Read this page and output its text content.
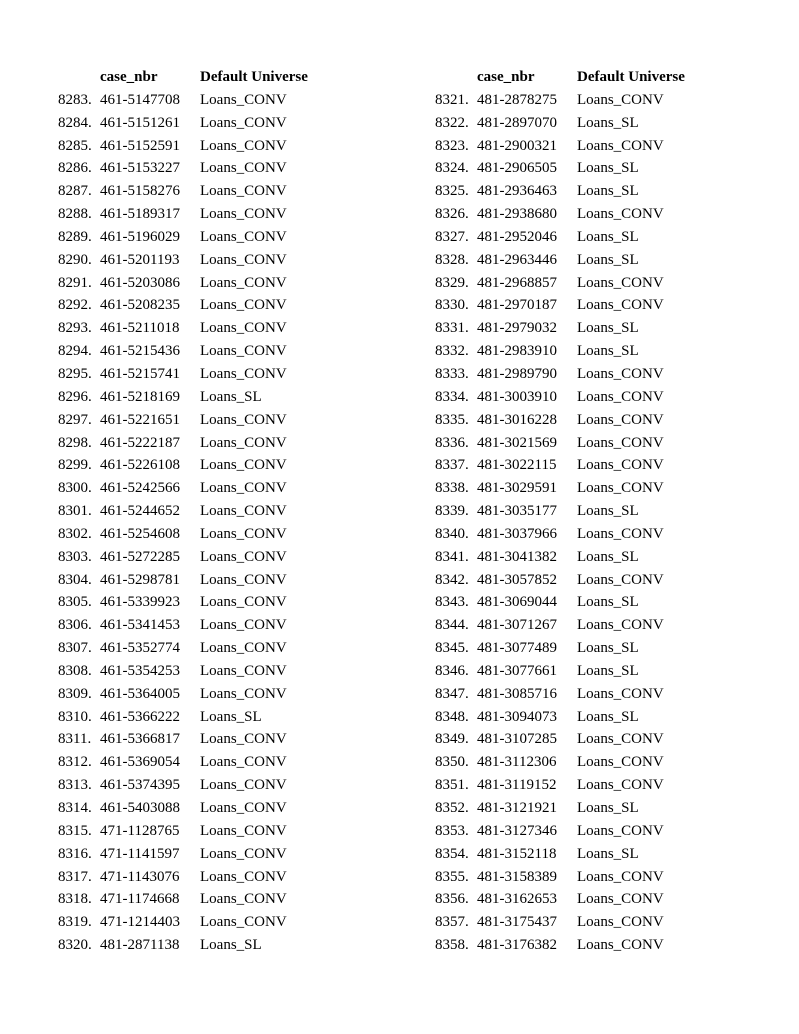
	case_nbr	Default Universe
8283.	461-5147708	Loans_CONV
8284.	461-5151261	Loans_CONV
8285.	461-5152591	Loans_CONV
8286.	461-5153227	Loans_CONV
8287.	461-5158276	Loans_CONV
8288.	461-5189317	Loans_CONV
8289.	461-5196029	Loans_CONV
8290.	461-5201193	Loans_CONV
8291.	461-5203086	Loans_CONV
8292.	461-5208235	Loans_CONV
8293.	461-5211018	Loans_CONV
8294.	461-5215436	Loans_CONV
8295.	461-5215741	Loans_CONV
8296.	461-5218169	Loans_SL
8297.	461-5221651	Loans_CONV
8298.	461-5222187	Loans_CONV
8299.	461-5226108	Loans_CONV
8300.	461-5242566	Loans_CONV
8301.	461-5244652	Loans_CONV
8302.	461-5254608	Loans_CONV
8303.	461-5272285	Loans_CONV
8304.	461-5298781	Loans_CONV
8305.	461-5339923	Loans_CONV
8306.	461-5341453	Loans_CONV
8307.	461-5352774	Loans_CONV
8308.	461-5354253	Loans_CONV
8309.	461-5364005	Loans_CONV
8310.	461-5366222	Loans_SL
8311.	461-5366817	Loans_CONV
8312.	461-5369054	Loans_CONV
8313.	461-5374395	Loans_CONV
8314.	461-5403088	Loans_CONV
8315.	471-1128765	Loans_CONV
8316.	471-1141597	Loans_CONV
8317.	471-1143076	Loans_CONV
8318.	471-1174668	Loans_CONV
8319.	471-1214403	Loans_CONV
8320.	481-2871138	Loans_SL
	case_nbr	Default Universe
8321.	481-2878275	Loans_CONV
8322.	481-2897070	Loans_SL
8323.	481-2900321	Loans_CONV
8324.	481-2906505	Loans_SL
8325.	481-2936463	Loans_SL
8326.	481-2938680	Loans_CONV
8327.	481-2952046	Loans_SL
8328.	481-2963446	Loans_SL
8329.	481-2968857	Loans_CONV
8330.	481-2970187	Loans_CONV
8331.	481-2979032	Loans_SL
8332.	481-2983910	Loans_SL
8333.	481-2989790	Loans_CONV
8334.	481-3003910	Loans_CONV
8335.	481-3016228	Loans_CONV
8336.	481-3021569	Loans_CONV
8337.	481-3022115	Loans_CONV
8338.	481-3029591	Loans_CONV
8339.	481-3035177	Loans_SL
8340.	481-3037966	Loans_CONV
8341.	481-3041382	Loans_SL
8342.	481-3057852	Loans_CONV
8343.	481-3069044	Loans_SL
8344.	481-3071267	Loans_CONV
8345.	481-3077489	Loans_SL
8346.	481-3077661	Loans_SL
8347.	481-3085716	Loans_CONV
8348.	481-3094073	Loans_SL
8349.	481-3107285	Loans_CONV
8350.	481-3112306	Loans_CONV
8351.	481-3119152	Loans_CONV
8352.	481-3121921	Loans_SL
8353.	481-3127346	Loans_CONV
8354.	481-3152118	Loans_SL
8355.	481-3158389	Loans_CONV
8356.	481-3162653	Loans_CONV
8357.	481-3175437	Loans_CONV
8358.	481-3176382	Loans_CONV
